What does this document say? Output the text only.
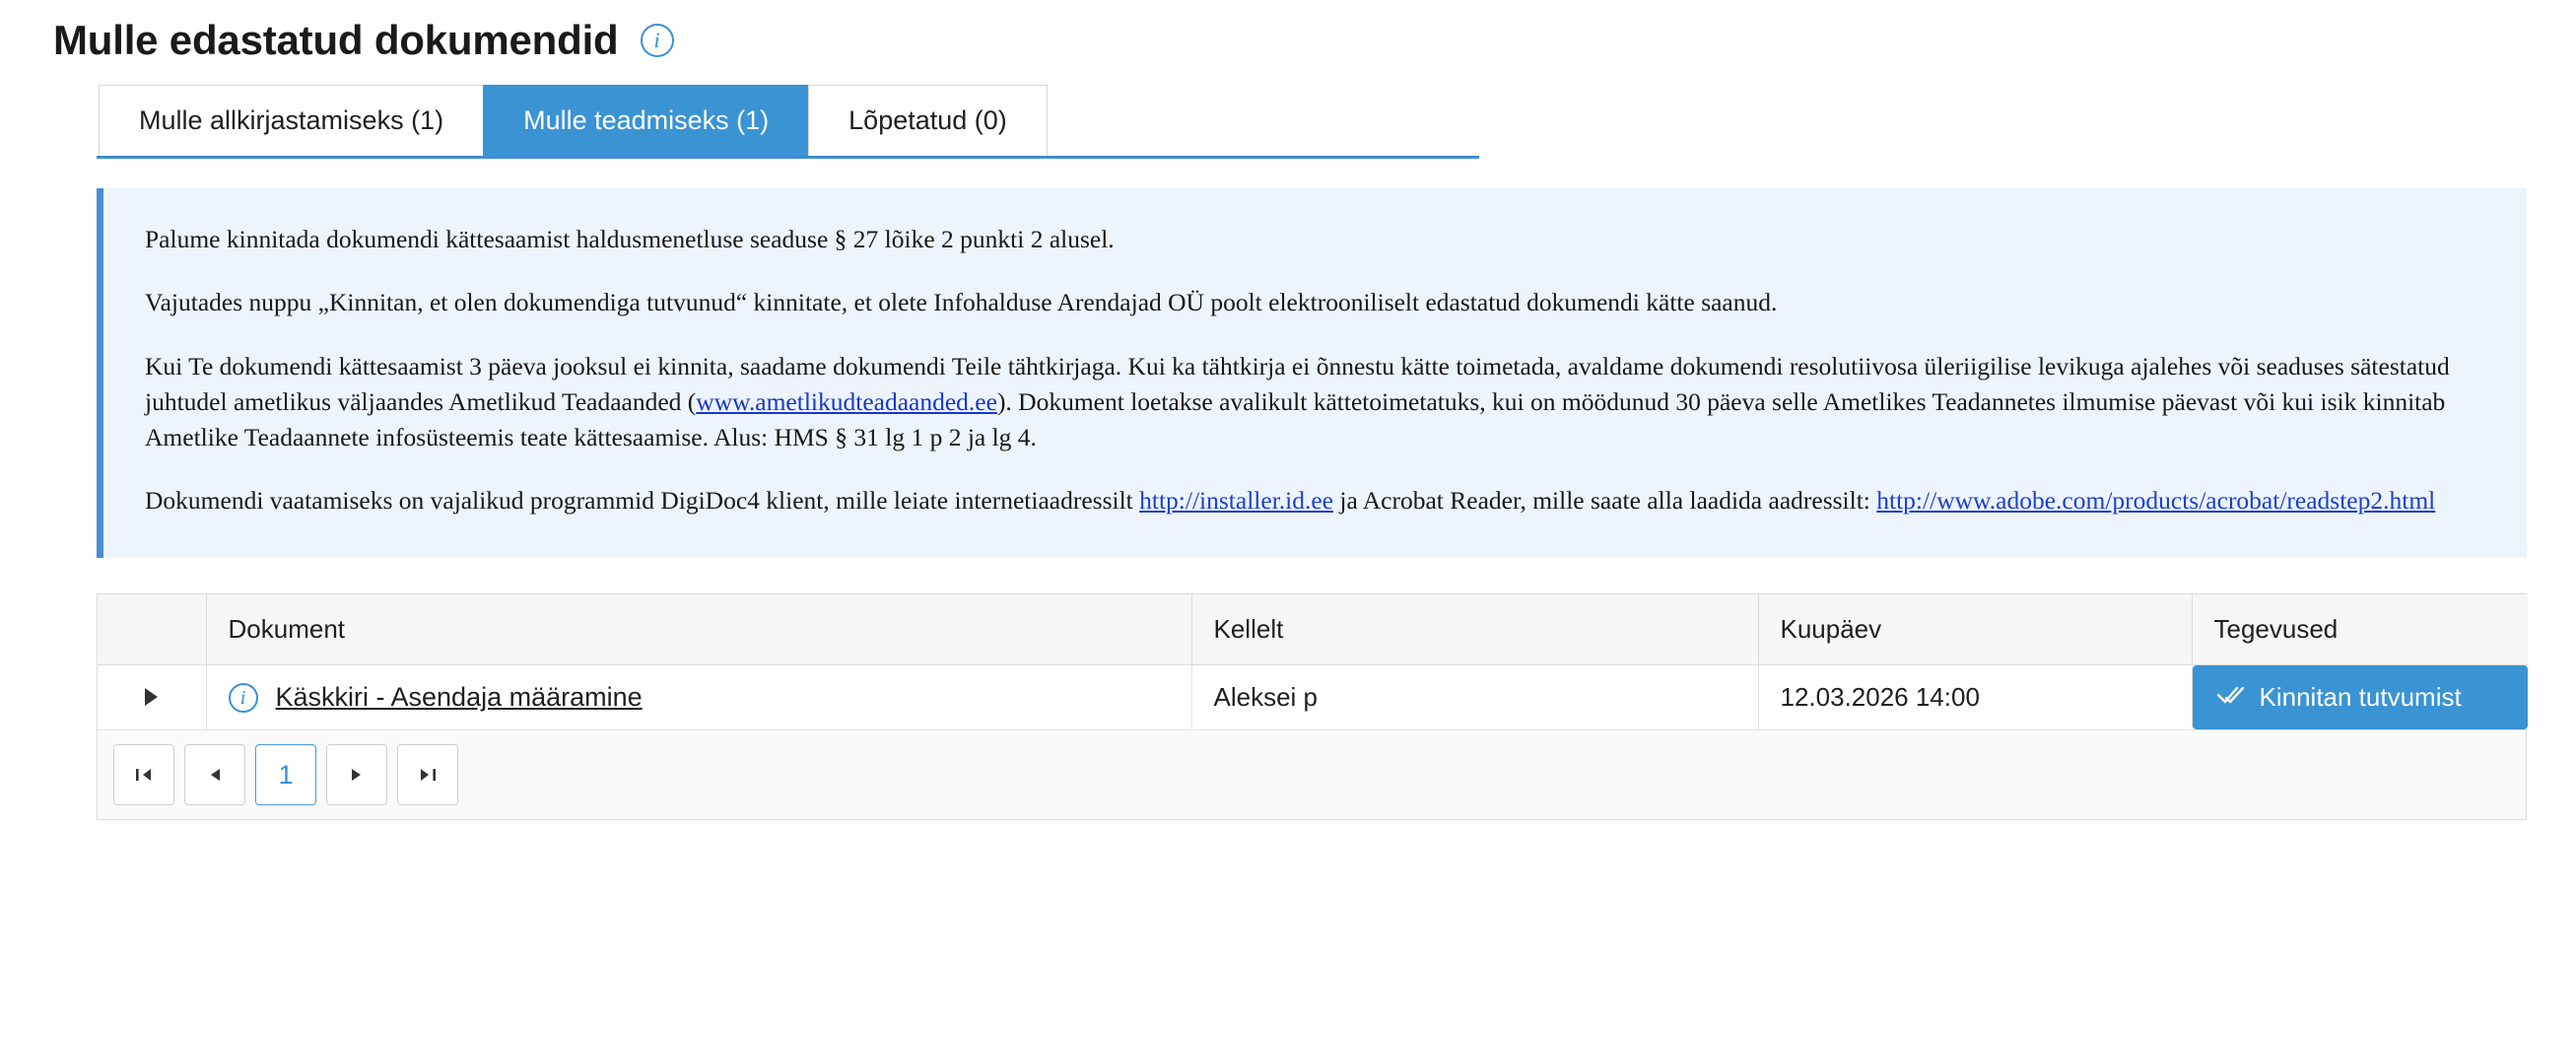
Mulle edastatud dokumendid	i
Mulle allkirjastamiseks (1)	Mulle teadmiseks (1)	Lõpetatud (0)

Palume kinnitada dokumendi kättesaamist haldusmenetluse seaduse § 27 lõike 2 punkti 2 alusel.

Vajutades nuppu „Kinnitan, et olen dokumendiga tutvunud“ kinnitate, et olete Infohalduse Arendajad OÜ poolt elektrooniliselt edastatud dokumendi kätte saanud.

Kui Te dokumendi kättesaamist 3 päeva jooksul ei kinnita, saadame dokumendi Teile tähtkirjaga. Kui ka tähtkirja ei õnnestu kätte toimetada, avaldame dokumendi resolutiivosa üleriigilise levikuga ajalehes või seaduses sätestatud juhtudel ametlikus väljaandes Ametlikud Teadaanded (www.ametlikudteadaanded.ee). Dokument loetakse avalikult kättetoimetatuks, kui on möödunud 30 päeva selle Ametlikes Teadannetes ilmumise päevast või kui isik kinnitab Ametlike Teadaannete infosüsteemis teate kättesaamise. Alus: HMS § 31 lg 1 p 2 ja lg 4.

Dokumendi vaatamiseks on vajalikud programmid DigiDoc4 klient, mille leiate internetiaadressilt http://installer.id.ee ja Acrobat Reader, mille saate alla laadida aadressilt: http://www.adobe.com/products/acrobat/readstep2.html

	Dokument	Kellelt	Kuupäev	Tegevused

i Käskkiri - Asendaja määramine	Aleksei p	12.03.2026 14:00	Kinnitan tutvumist
1
